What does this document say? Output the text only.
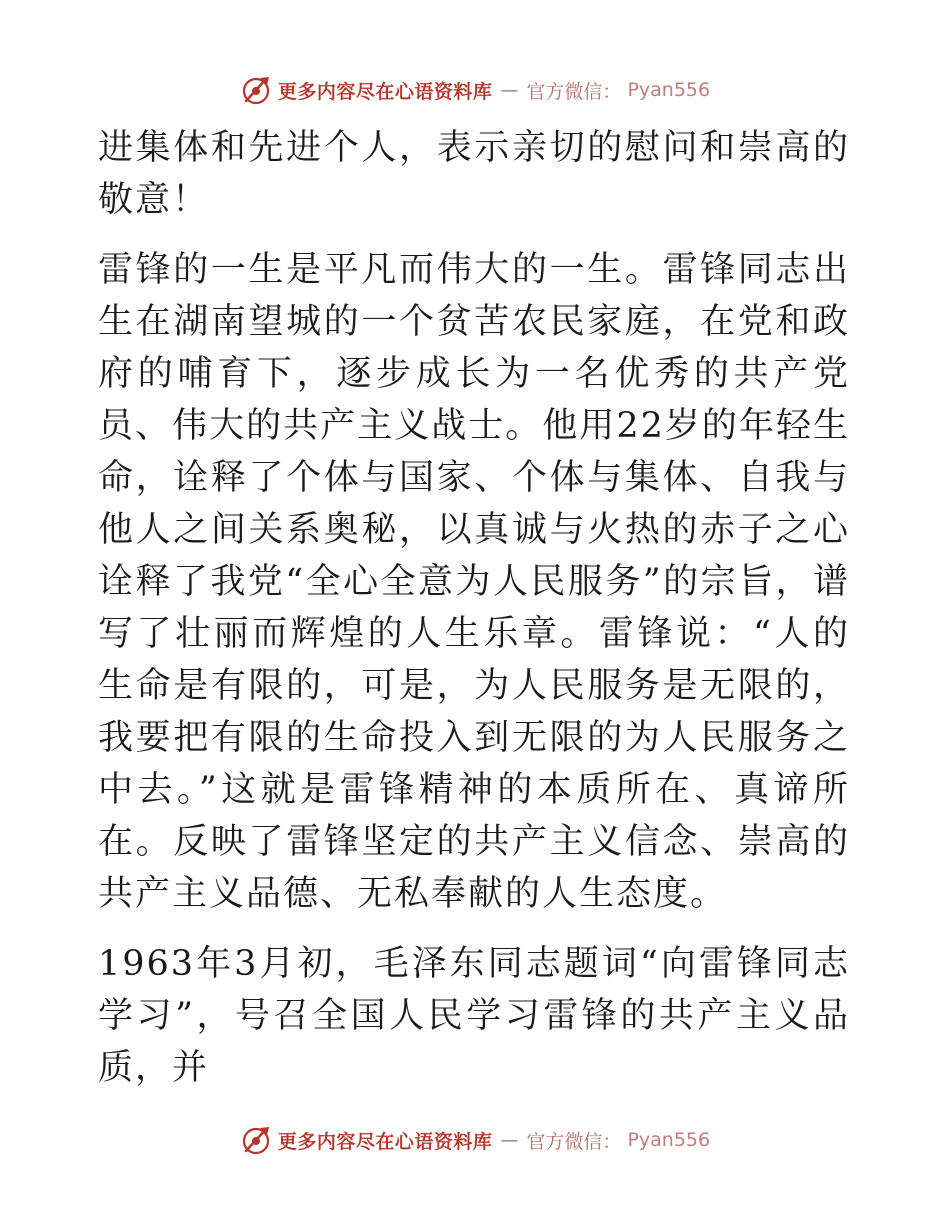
更多内容尽在心语资料库 — 官方微信： Pyan556

进集体和先进个人，表示亲切的慰问和崇高的敬意！

雷锋的一生是平凡而伟大的一生。雷锋同志出生在湖南望城的一个贫苦农民家庭，在党和政府的哺育下，逐步成长为一名优秀的共产党员、伟大的共产主义战士。他用22岁的年轻生命，诠释了个体与国家、个体与集体、自我与他人之间关系奥秘，以真诚与火热的赤子之心诠释了我党“全心全意为人民服务”的宗旨，谱写了壮丽而辉煌的人生乐章。雷锋说：“人的生命是有限的，可是，为人民服务是无限的，我要把有限的生命投入到无限的为人民服务之中去。”这就是雷锋精神的本质所在、真谛所在。反映了雷锋坚定的共产主义信念、崇高的共产主义品德、无私奉献的人生态度。

1963年3月初，毛泽东同志题词“向雷锋同志学习”，号召全国人民学习雷锋的共产主义品质，并

更多内容尽在心语资料库 — 官方微信： Pyan556
